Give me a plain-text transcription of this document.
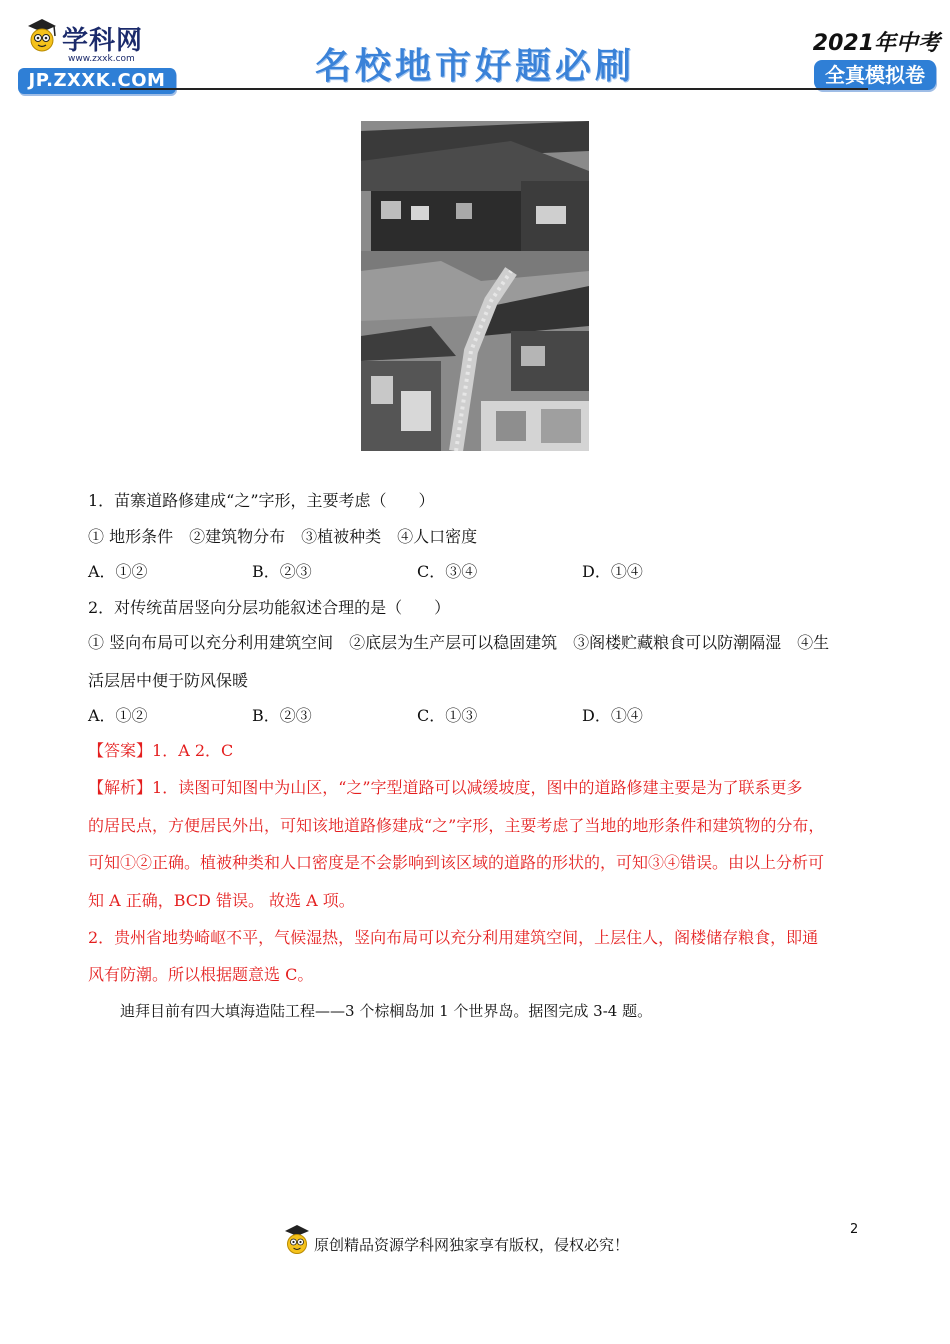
学科网
www.zxxk.com
JP.ZXXK.COM	名校地市好题必刷
2021年中考
全真模拟卷
1．苗寨道路修建成“之”字形，主要考虑（　　）
① 地形条件　②建筑物分布　③植被种类　④人口密度
A．①②	B．②③	C．③④	D．①④
2．对传统苗居竖向分层功能叙述合理的是（　　）
① 竖向布局可以充分利用建筑空间　②底层为生产层可以稳固建筑　③阁楼贮藏粮食可以防潮隔湿　④生
活层居中便于防风保暖
A．①②	B．②③	C．①③	D．①④
【答案】1．A 2．C
【解析】1．读图可知图中为山区，“之”字型道路可以减缓坡度，图中的道路修建主要是为了联系更多
的居民点，方便居民外出，可知该地道路修建成“之”字形，主要考虑了当地的地形条件和建筑物的分布，
可知①②正确。植被种类和人口密度是不会影响到该区域的道路的形状的，可知③④错误。由以上分析可
知 A 正确，BCD 错误。 故选 A 项。
2．贵州省地势崎岖不平，气候湿热，竖向布局可以充分利用建筑空间，上层住人，阁楼储存粮食，即通
风有防潮。所以根据题意选 C。
迪拜目前有四大填海造陆工程——3 个棕榈岛加 1 个世界岛。据图完成 3-4 题。
2
原创精品资源学科网独家享有版权，侵权必究！
